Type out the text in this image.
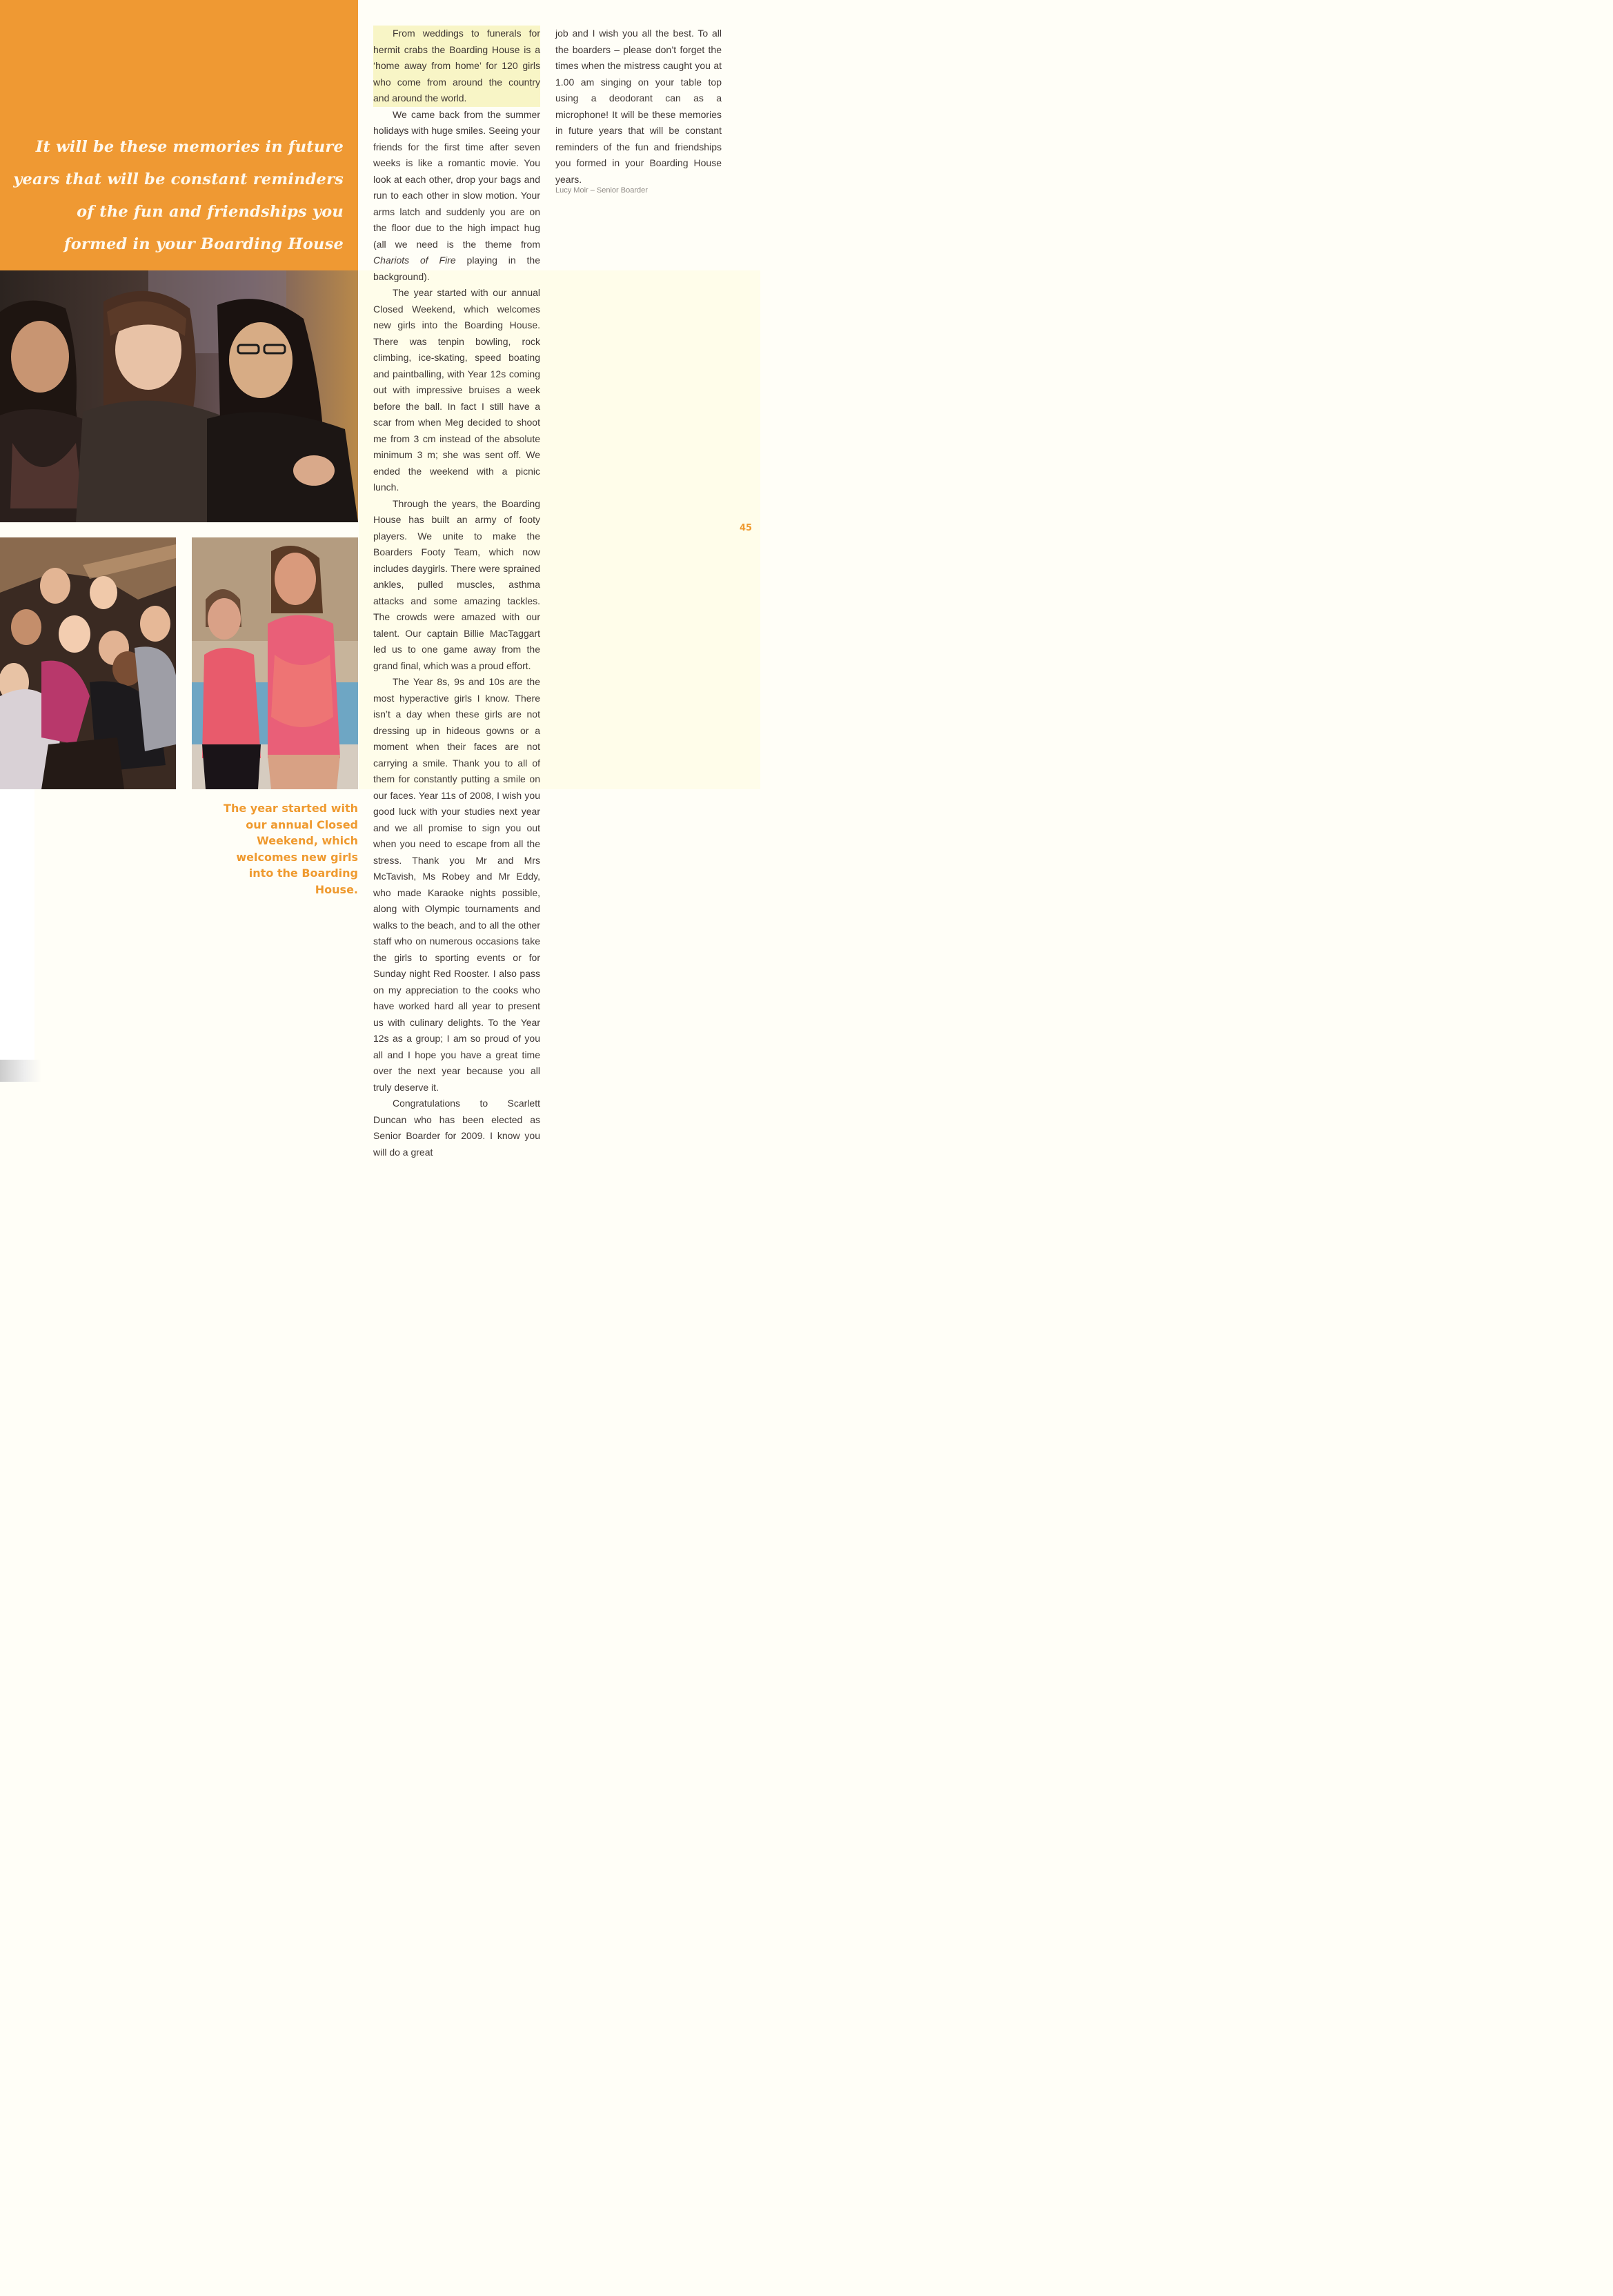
It will be these memories in future years that will be constant reminders of the fun and friendships you formed in your Boarding House

The year started with our annual Closed Weekend, which welcomes new girls into the Boarding House.

From weddings to funerals for hermit crabs the Boarding House is a ‘home away from home’ for 120 girls who come from around the country and around the world.

We came back from the summer holidays with huge smiles. Seeing your friends for the first time after seven weeks is like a romantic movie. You look at each other, drop your bags and run to each other in slow motion. Your arms latch and suddenly you are on the floor due to the high impact hug (all we need is the theme from Chariots of Fire playing in the background).

The year started with our annual Closed Weekend, which welcomes new girls into the Boarding House. There was tenpin bowling, rock climbing, ice-skating, speed boating and paintballing, with Year 12s coming out with impressive bruises a week before the ball. In fact I still have a scar from when Meg decided to shoot me from 3 cm instead of the absolute minimum 3 m; she was sent off. We ended the weekend with a picnic lunch.

Through the years, the Boarding House has built an army of footy players. We unite to make the Boarders Footy Team, which now includes daygirls. There were sprained ankles, pulled muscles, asthma attacks and some amazing tackles. The crowds were amazed with our talent. Our captain Billie MacTaggart led us to one game away from the grand final, which was a proud effort.

The Year 8s, 9s and 10s are the most hyperactive girls I know. There isn’t a day when these girls are not dressing up in hideous gowns or a moment when their faces are not carrying a smile. Thank you to all of them for constantly putting a smile on our faces. Year 11s of 2008, I wish you good luck with your studies next year and we all promise to sign you out when you need to escape from all the stress. Thank you Mr and Mrs McTavish, Ms Robey and Mr Eddy, who made Karaoke nights possible, along with Olympic tournaments and walks to the beach, and to all the other staff who on numerous occasions take the girls to sporting events or for Sunday night Red Rooster. I also pass on my appreciation to the cooks who have worked hard all year to present us with culinary delights. To the Year 12s as a group; I am so proud of you all and I hope you have a great time over the next year because you all truly deserve it.

Congratulations to Scarlett Duncan who has been elected as Senior Boarder for 2009. I know you will do a great

job and I wish you all the best. To all the boarders – please don’t forget the times when the mistress caught you at 1.00 am singing on your table top using a deodorant can as a microphone! It will be these memories in future years that will be constant reminders of the fun and friendships you formed in your Boarding House years.

Lucy Moir – Senior Boarder

45
